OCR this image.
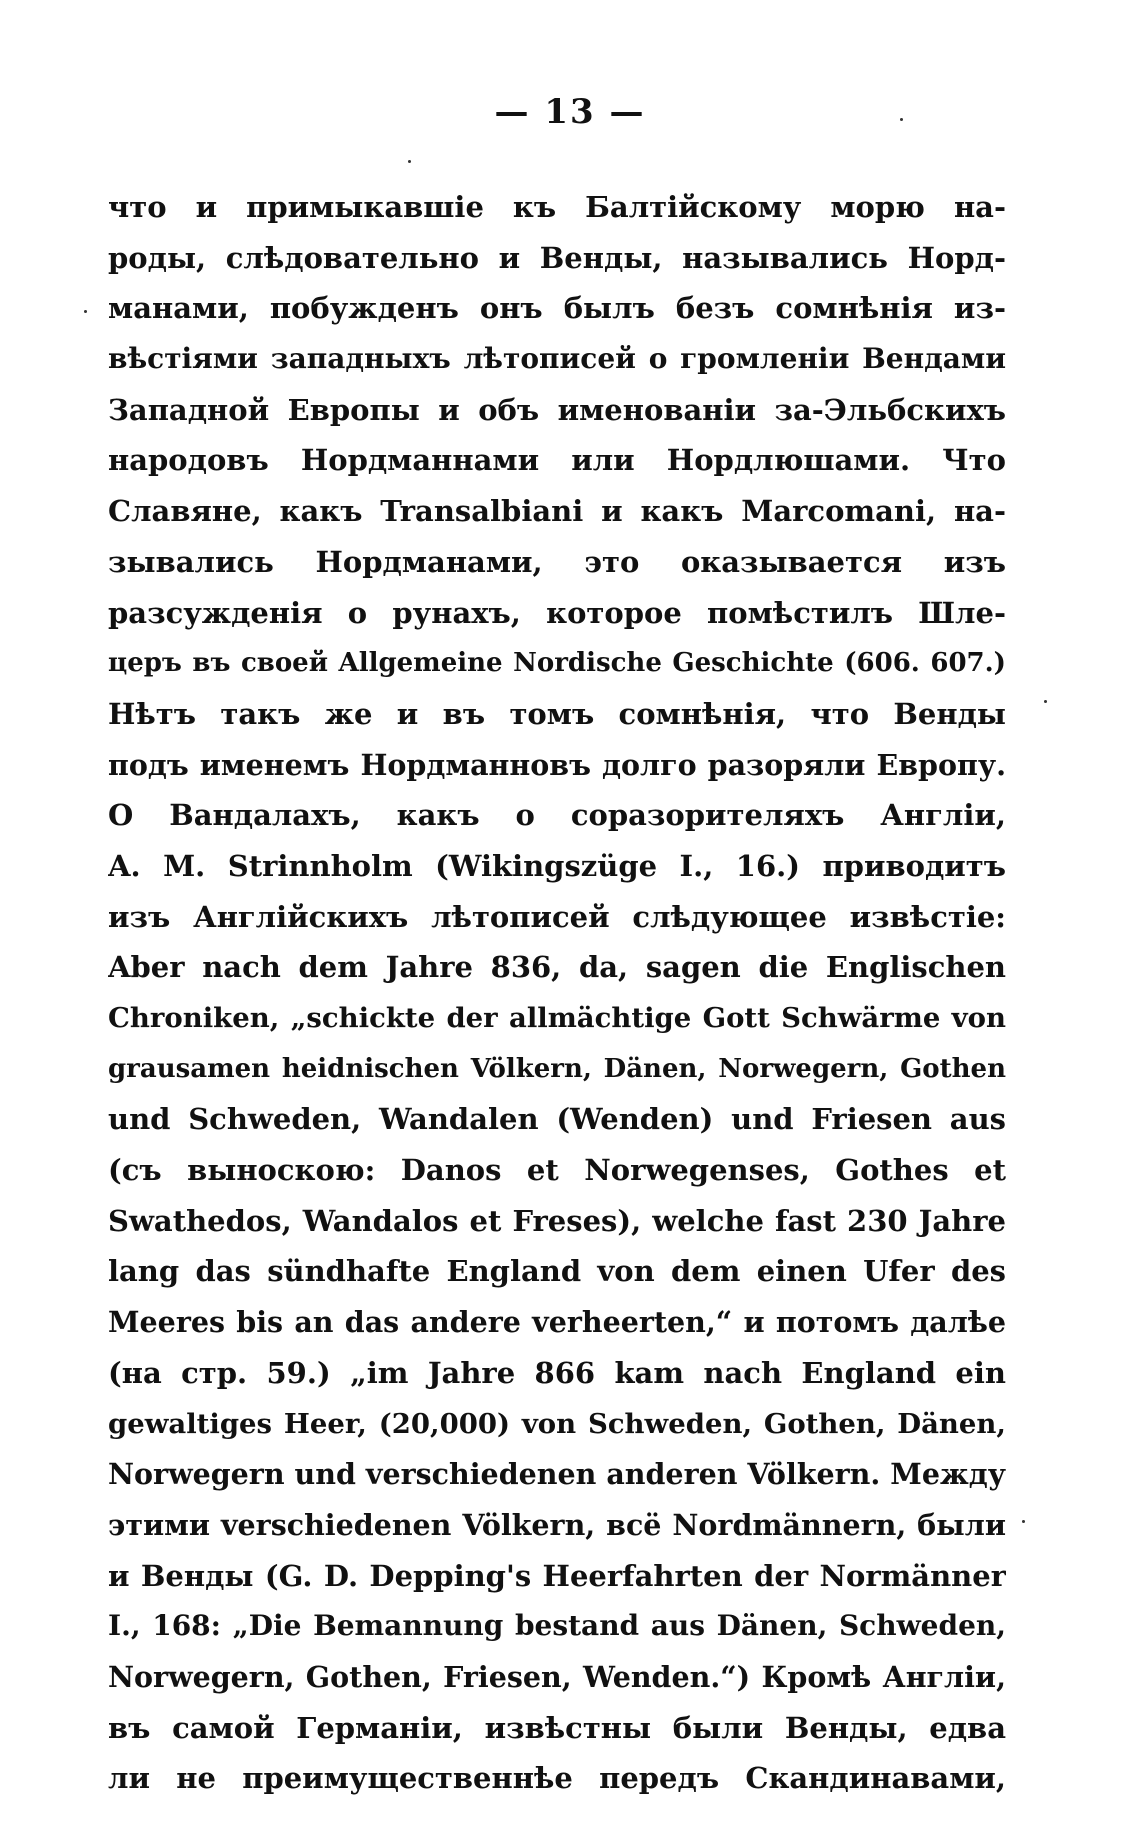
— 13 —
что и примыкавшіе къ Балтійскому морю на-
роды, слѣдовательно и Венды, назывались Норд-
манами, побужденъ онъ былъ безъ сомнѣнія из-
вѣстіями западныхъ лѣтописей о громленіи Вендами
Западной Европы и объ именованіи за-Эльбскихъ
народовъ Нордманнами или Нордлюшами. Что
Славяне, какъ Transalbiani и какъ Marcomani, на-
зывались Нордманами, это оказывается изъ
разсужденія о рунахъ, которое помѣстилъ Шле-
церъ въ своей Allgemeine Nordische Geschichte (606. 607.)
Нѣтъ такъ же и въ томъ сомнѣнія, что Венды
подъ именемъ Нордманновъ долго разоряли Европу.
О Вандалахъ, какъ о соразорителяхъ Англіи,
A. M. Strinnholm (Wikingszüge I., 16.) приводитъ
изъ Англійскихъ лѣтописей слѣдующее извѣстіе:
Aber nach dem Jahre 836, da, sagen die Englischen
Chroniken, „schickte der allmächtige Gott Schwärme von
grausamen heidnischen Völkern, Dänen, Norwegern, Gothen
und Schweden, Wandalen (Wenden) und Friesen aus
(съ выноскою: Danos et Norwegenses, Gothes et
Swathedos, Wandalos et Freses), welche fast 230 Jahre
lang das sündhafte England von dem einen Ufer des
Meeres bis an das andere verheerten,“ и потомъ далѣе
(на стр. 59.) „im Jahre 866 kam nach England ein
gewaltiges Heer, (20,000) von Schweden, Gothen, Dänen,
Norwegern und verschiedenen anderen Völkern. Между
этими verschiedenen Völkern, всё Nordmännern, были
и Венды (G. D. Depping's Heerfahrten der Normänner
I., 168: „Die Bemannung bestand aus Dänen, Schweden,
Norwegern, Gothen, Friesen, Wenden.“) Кромѣ Англіи,
въ самой Германіи, извѣстны были Венды, едва
ли не преимущественнѣе передъ Скандинавами,
